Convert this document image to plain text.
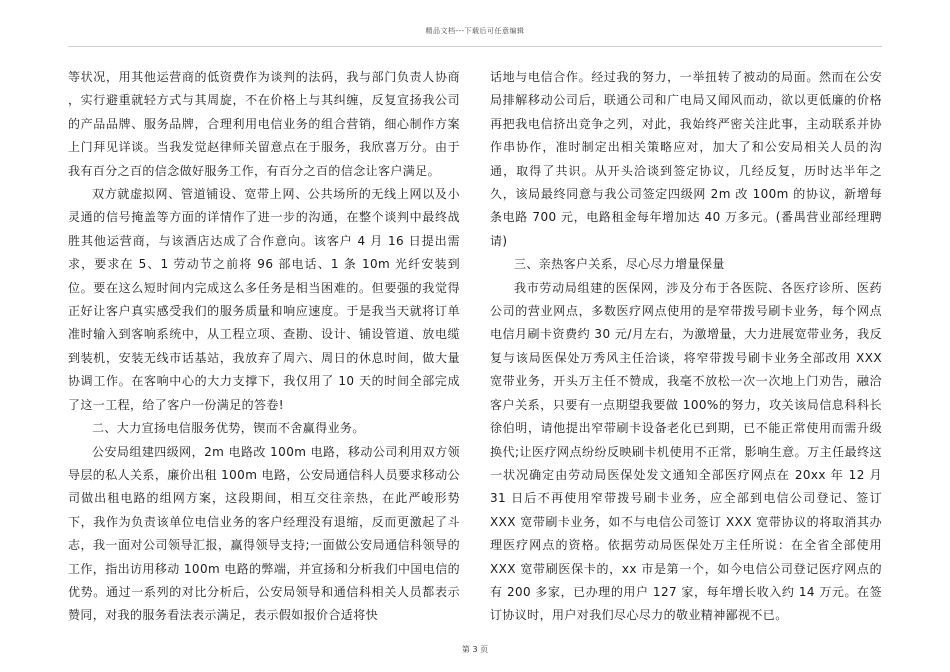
精品文档---下载后可任意编辑

等状况，用其他运营商的低资费作为谈判的法码，我与部门负责人协商 ，实行避重就轻方式与其周旋，不在价格上与其纠缠，反复宣扬我公司的产品品牌、服务品牌，合理利用电信业务的组合营销，细心制作方案上门拜见详谈。当我发觉赵律师关留意点在于服务，我欣喜万分。由于我有百分之百的信念做好服务工作，有百分之百的信念让客户满足。

双方就虚拟网、管道铺设、宽带上网、公共场所的无线上网以及小灵通的信号掩盖等方面的详情作了进一步的沟通，在整个谈判中最终战胜其他运营商，与该酒店达成了合作意向。该客户 4 月 16 日提出需求，要求在 5、1 劳动节之前将 96 部电话、1 条 10m 光纤安装到位。要在这么短时间内完成这么多任务是相当困难的。但要强的我觉得正好让客户真实感受我们的服务质量和响应速度。于是我当天就将订单准时输入到客响系统中，从工程立项、查勘、设计、铺设管道、放电缆到装机，安装无线市话基站，我放弃了周六、周日的休息时间，做大量协调工作。在客响中心的大力支撑下，我仅用了 10 天的时间全部完成了这一工程，给了客户一份满足的答卷!

二、大力宣扬电信服务优势，锲而不舍赢得业务。

公安局组建四级网，2m 电路改 100m 电路，移动公司利用双方领导层的私人关系，廉价出租 100m 电路，公安局通信科人员要求移动公司做出租电路的组网方案，这段期间，相互交往亲热，在此严峻形势下，我作为负责该单位电信业务的客户经理没有退缩，反而更激起了斗志，我一面对公司领导汇报，赢得领导支持;一面做公安局通信科领导的工作，指出访用移动 100m 电路的弊端，并宣扬和分析我们中国电信的优势。通过一系列的对比分析后，公安局领导和通信科相关人员都表示赞同，对我的服务看法表示满足，表示假如报价合适将快

话地与电信合作。经过我的努力，一举扭转了被动的局面。然而在公安局排解移动公司后，联通公司和广电局又闻风而动，欲以更低廉的价格再把我电信挤出竞争之列，对此，我始终严密关注此事，主动联系并协作串协作，准时制定出相关策略应对，加大了和公安局相关人员的沟通，取得了共识。从开头洽谈到签定协议，几经反复，历时达半年之久，该局最终同意与我公司签定四级网 2m 改 100m 的协议，新增每条电路 700 元，电路租金每年增加达 40 万多元。(番禺营业部经理聘请)

三、亲热客户关系，尽心尽力增量保量

我市劳动局组建的医保网，涉及分布于各医院、各医疗诊所、医药公司的营业网点，多数医疗网点使用的是窄带拨号刷卡业务，每个网点电信月刷卡资费约 30 元/月左右，为激增量，大力进展宽带业务，我反复与该局医保处万秀风主任洽谈，将窄带拨号刷卡业务全部改用 XXX 宽带业务，开头万主任不赞成，我毫不放松一次一次地上门劝告，融洽客户关系，只要有一点期望我要做 100%的努力，攻关该局信息科科长徐伯明，请他提出窄带刷卡设备老化已到期，已不能正常使用而需升级换代;让医疗网点纷纷反映刷卡机使用不正常，影响生意。万主任最终这一状况确定由劳动局医保处发文通知全部医疗网点在 20xx 年 12 月 31 日后不再使用窄带拨号刷卡业务，应全部到电信公司登记、签订 XXX 宽带刷卡业务，如不与电信公司签订 XXX 宽带协议的将取消其办理医疗网点的资格。依据劳动局医保处万主任所说：在全省全部使用 XXX 宽带刷医保卡的，xx 市是第一个，如今电信公司登记医疗网点的有 200 多家，已办理的用户 127 家，每年增长收入约 14 万元。在签订协议时，用户对我们尽心尽力的敬业精神鄙视不已。

第 3 页
